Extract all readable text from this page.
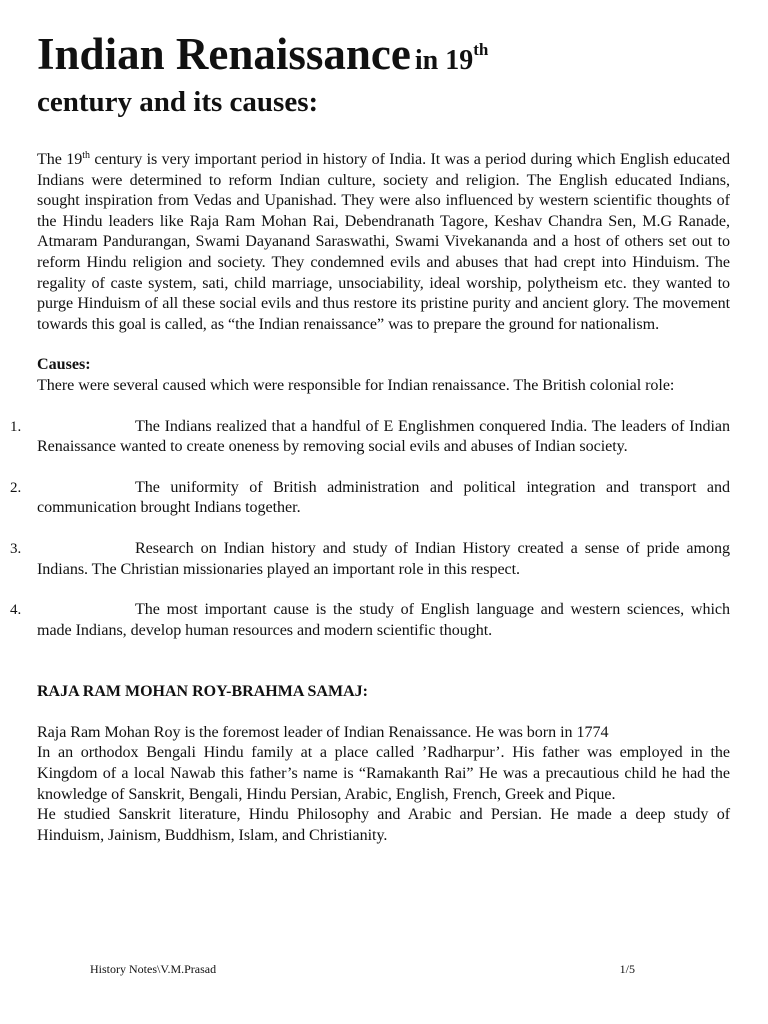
Indian Renaissance in 19th
century and its causes:

The 19th century is very important period in history of India. It was a period during which English educated Indians were determined to reform Indian culture, society and religion. The English educated Indians, sought inspiration from Vedas and Upanishad. They were also influenced by western scientific thoughts of the Hindu leaders like Raja Ram Mohan Rai, Debendranath Tagore, Keshav Chandra Sen, M.G Ranade, Atmaram Pandurangan, Swami Dayanand Saraswathi, Swami Vivekananda and a host of others set out to reform Hindu religion and society. They condemned evils and abuses that had crept into Hinduism. The regality of caste system, sati, child marriage, unsociability, ideal worship, polytheism etc. they wanted to purge Hinduism of all these social evils and thus restore its pristine purity and ancient glory. The movement towards this goal is called, as “the Indian renaissance” was to prepare the ground for nationalism.

Causes:

There were several caused which were responsible for Indian renaissance. The British colonial role:

1.	The Indians realized that a handful of E Englishmen conquered India. The leaders of Indian Renaissance wanted to create oneness by removing social evils and abuses of Indian society.

2.	The uniformity of British administration and political integration and transport and communication brought Indians together.

3.	Research on Indian history and study of Indian History created a sense of pride among Indians. The Christian missionaries played an important role in this respect.

4.	The most important cause is the study of English language and western sciences, which made Indians, develop human resources and modern scientific thought.

RAJA RAM MOHAN ROY-BRAHMA SAMAJ:

Raja Ram Mohan Roy is the foremost leader of Indian Renaissance. He was born in 1774

In an orthodox Bengali Hindu family at a place called ’Radharpur’. His father was employed in the Kingdom of a local Nawab this father’s name is “Ramakanth Rai” He was a precautious child he had the knowledge of Sanskrit, Bengali, Hindu Persian, Arabic, English, French, Greek and Pique.

He studied Sanskrit literature, Hindu Philosophy and Arabic and Persian. He made a deep study of Hinduism, Jainism, Buddhism, Islam, and Christianity.

History Notes\V.M.Prasad	1/5
